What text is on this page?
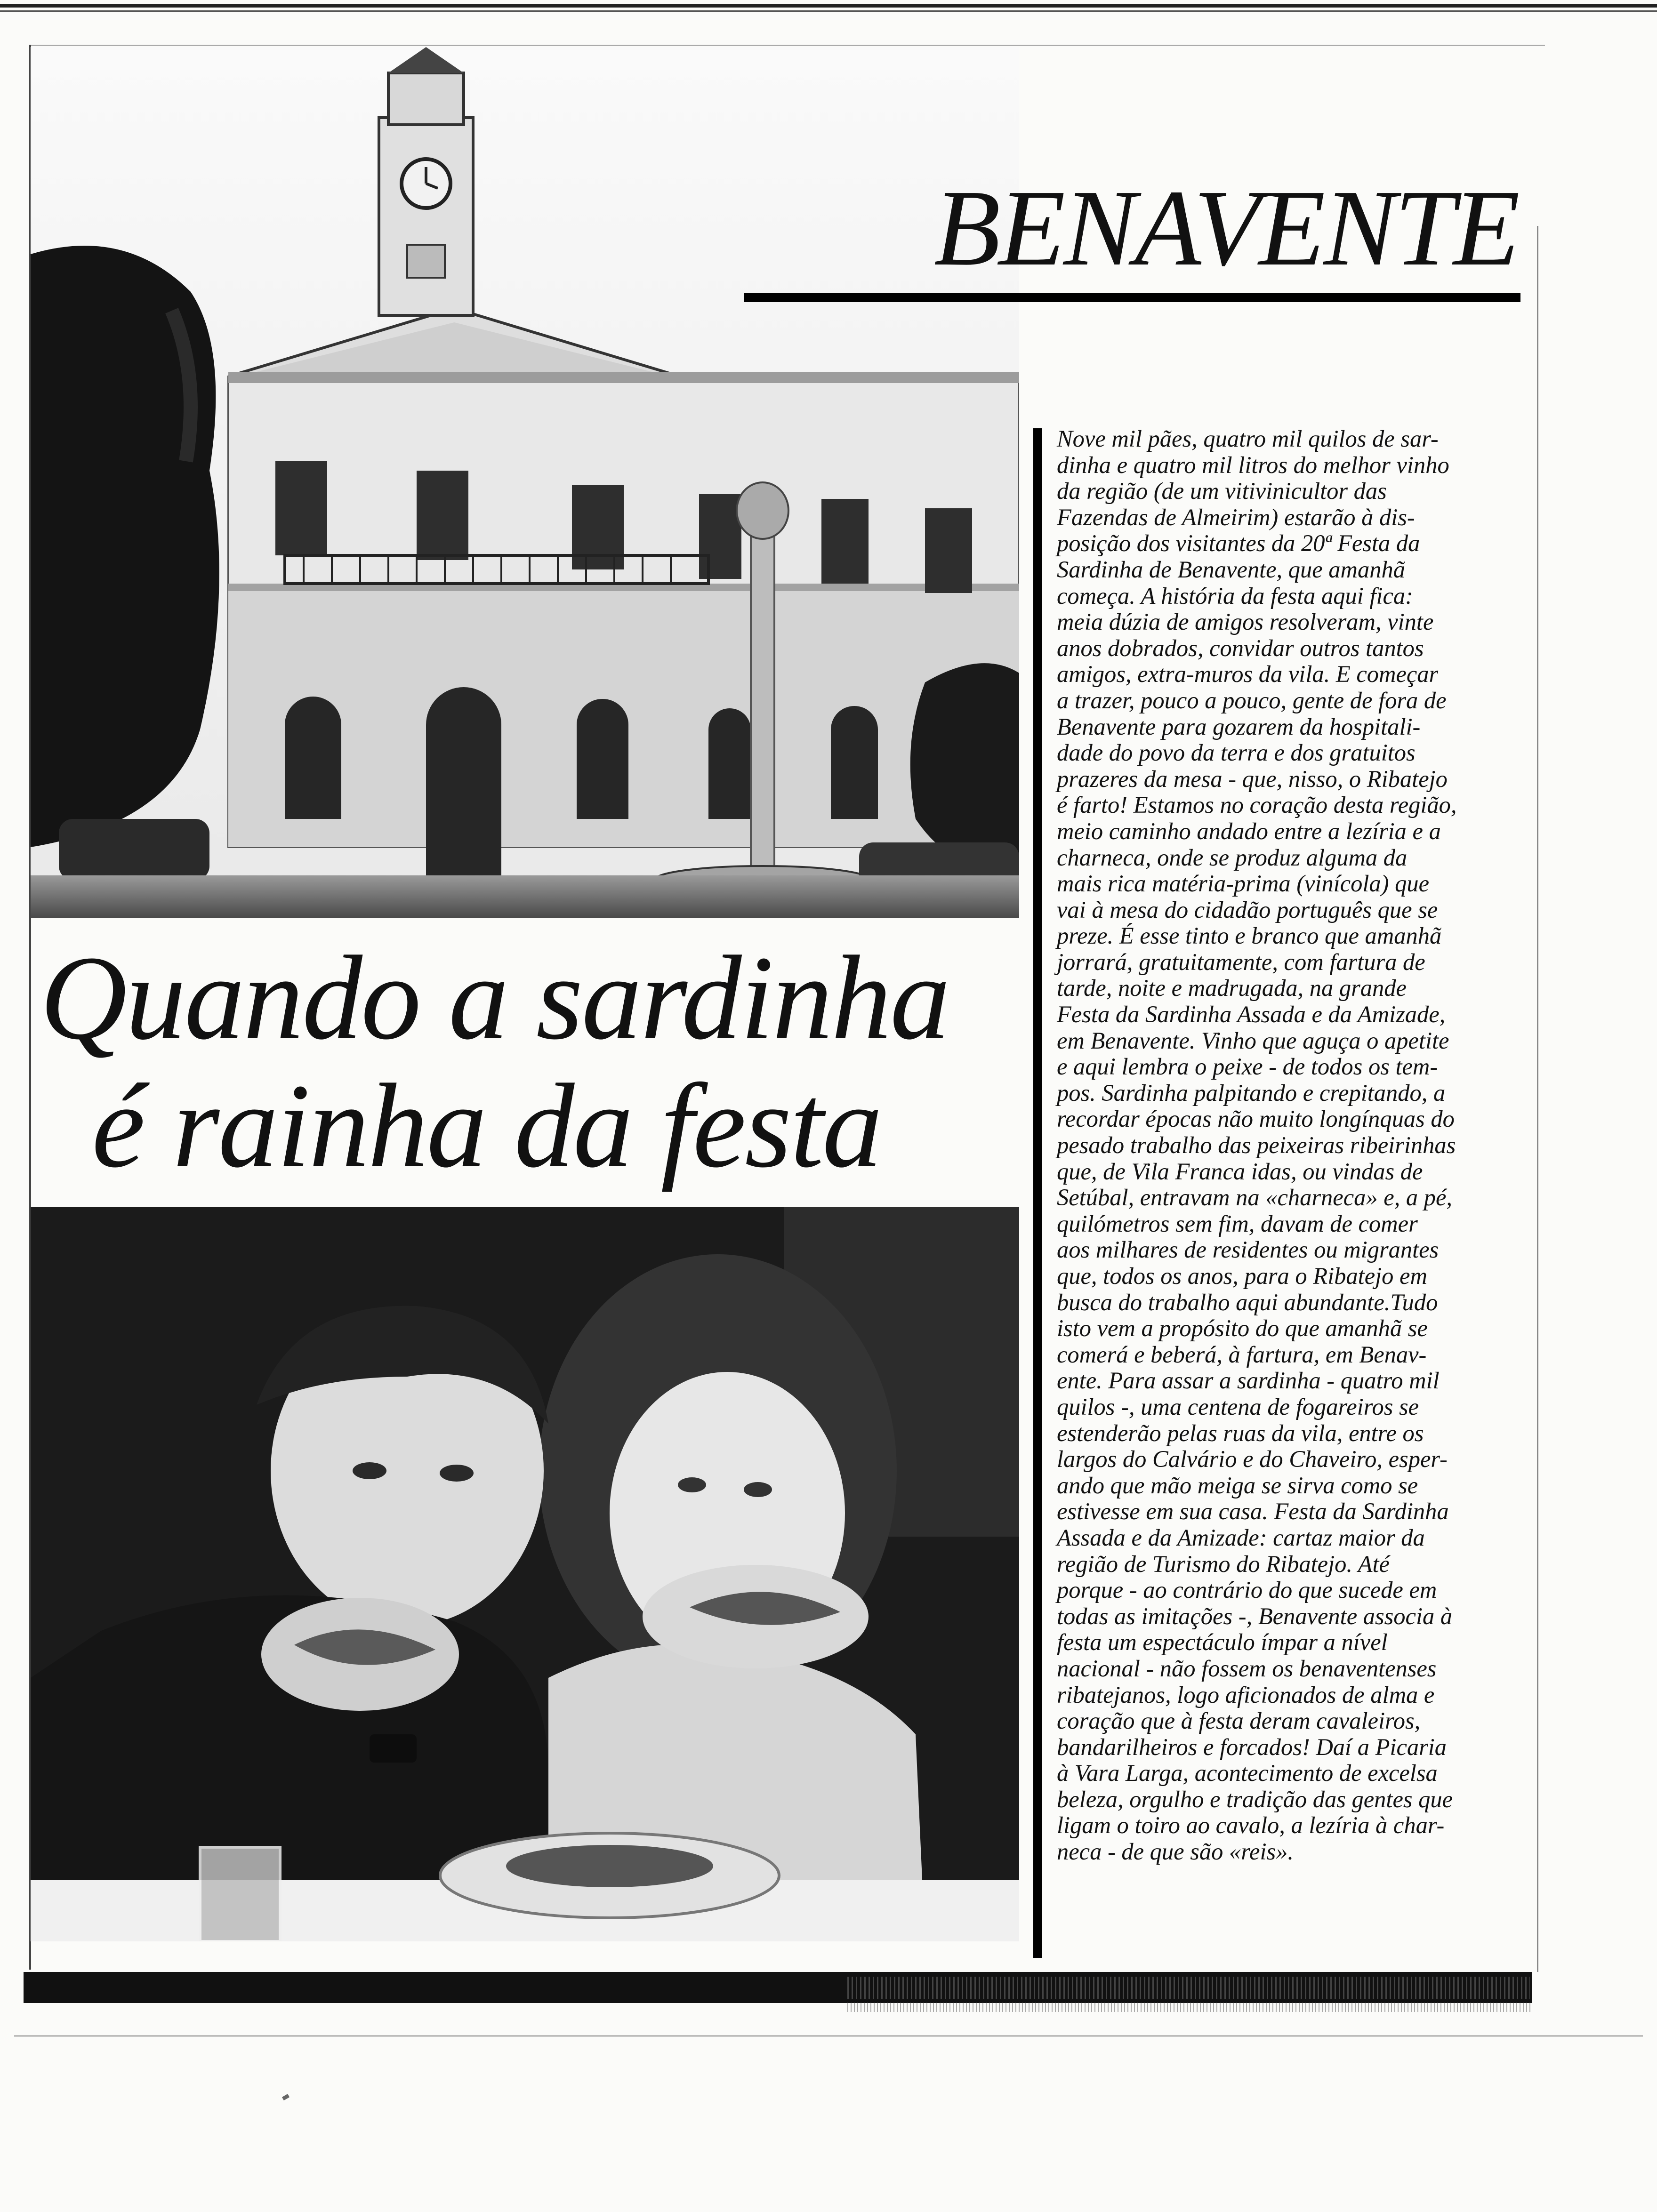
BENAVENTE
Quando a sardinha
é rainha da festa
Nove mil pães, quatro mil quilos de sar-
dinha e quatro mil litros do melhor vinho
da região (de um vitivinicultor das
Fazendas de Almeirim) estarão à dis-
posição dos visitantes da 20ª Festa da
Sardinha de Benavente, que amanhã
começa. A história da festa aqui fica:
meia dúzia de amigos resolveram, vinte
anos dobrados, convidar outros tantos
amigos, extra-muros da vila. E começar
a trazer, pouco a pouco, gente de fora de
Benavente para gozarem da hospitali-
dade do povo da terra e dos gratuitos
prazeres da mesa - que, nisso, o Ribatejo
é farto! Estamos no coração desta região,
meio caminho andado entre a lezíria e a
charneca, onde se produz alguma da
mais rica matéria-prima (vinícola) que
vai à mesa do cidadão português que se
preze. É esse tinto e branco que amanhã
jorrará, gratuitamente, com fartura de
tarde, noite e madrugada, na grande
Festa da Sardinha Assada e da Amizade,
em Benavente. Vinho que aguça o apetite
e aqui lembra o peixe - de todos os tem-
pos. Sardinha palpitando e crepitando, a
recordar épocas não muito longínquas do
pesado trabalho das peixeiras ribeirinhas
que, de Vila Franca idas, ou vindas de
Setúbal, entravam na «charneca» e, a pé,
quilómetros sem fim, davam de comer
aos milhares de residentes ou migrantes
que, todos os anos, para o Ribatejo em
busca do trabalho aqui abundante.Tudo
isto vem a propósito do que amanhã se
comerá e beberá, à fartura, em Benav-
ente. Para assar a sardinha - quatro mil
quilos -, uma centena de fogareiros se
estenderão pelas ruas da vila, entre os
largos do Calvário e do Chaveiro, esper-
ando que mão meiga se sirva como se
estivesse em sua casa. Festa da Sardinha
Assada e da Amizade: cartaz maior da
região de Turismo do Ribatejo. Até
porque - ao contrário do que sucede em
todas as imitações -, Benavente associa à
festa um espectáculo ímpar a nível
nacional - não fossem os benaventenses
ribatejanos, logo aficionados de alma e
coração que à festa deram cavaleiros,
bandarilheiros e forcados! Daí a Picaria
à Vara Larga, acontecimento de excelsa
beleza, orgulho e tradição das gentes que
ligam o toiro ao cavalo, a lezíria à char-
neca - de que são «reis».
